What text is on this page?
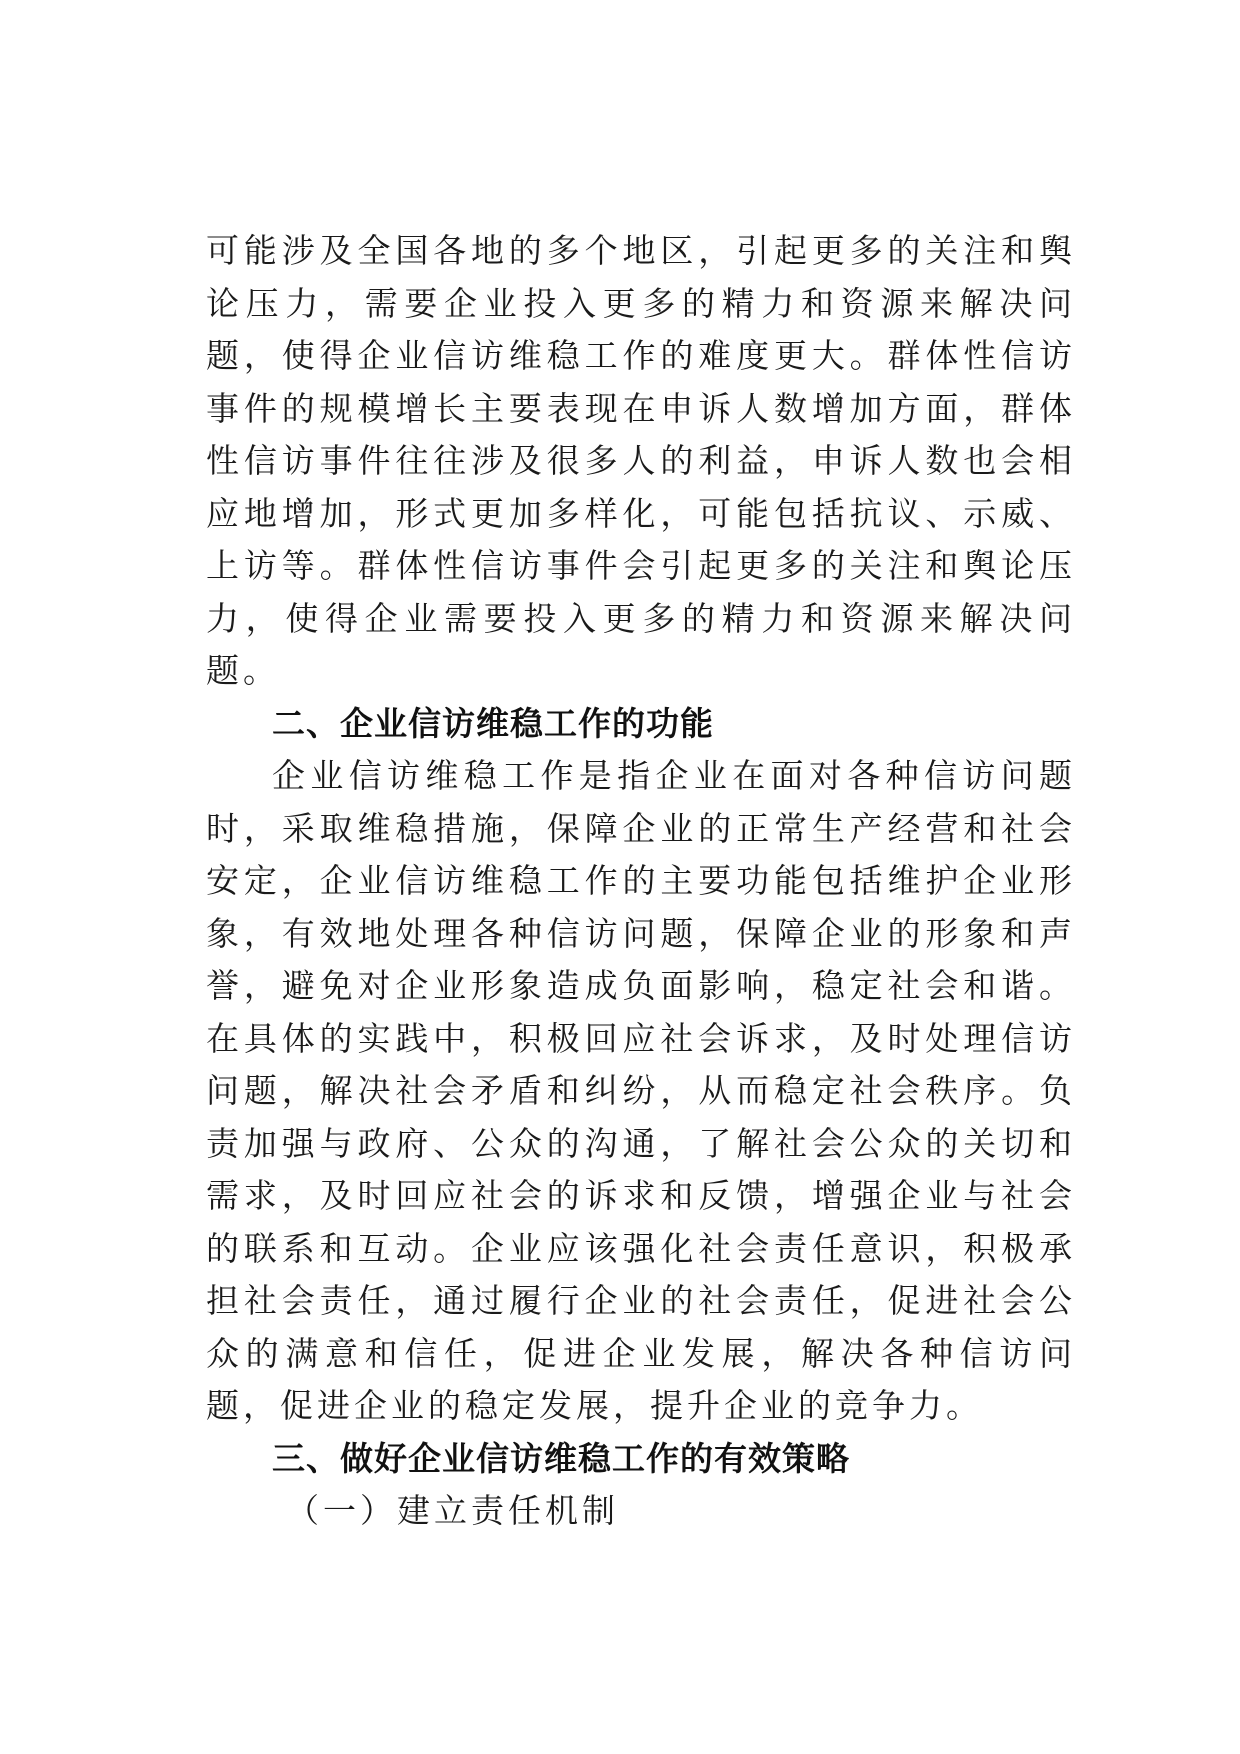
可能涉及全国各地的多个地区，引起更多的关注和舆论压力，需要企业投入更多的精力和资源来解决问题，使得企业信访维稳工作的难度更大。群体性信访事件的规模增长主要表现在申诉人数增加方面，群体性信访事件往往涉及很多人的利益，申诉人数也会相应地增加，形式更加多样化，可能包括抗议、示威、上访等。群体性信访事件会引起更多的关注和舆论压力，使得企业需要投入更多的精力和资源来解决问题。

二、企业信访维稳工作的功能

企业信访维稳工作是指企业在面对各种信访问题时，采取维稳措施，保障企业的正常生产经营和社会安定，企业信访维稳工作的主要功能包括维护企业形象，有效地处理各种信访问题，保障企业的形象和声誉，避免对企业形象造成负面影响，稳定社会和谐。在具体的实践中，积极回应社会诉求，及时处理信访问题，解决社会矛盾和纠纷，从而稳定社会秩序。负责加强与政府、公众的沟通，了解社会公众的关切和需求，及时回应社会的诉求和反馈，增强企业与社会的联系和互动。企业应该强化社会责任意识，积极承担社会责任，通过履行企业的社会责任，促进社会公众的满意和信任，促进企业发展，解决各种信访问题，促进企业的稳定发展，提升企业的竞争力。

三、做好企业信访维稳工作的有效策略

（一）建立责任机制
